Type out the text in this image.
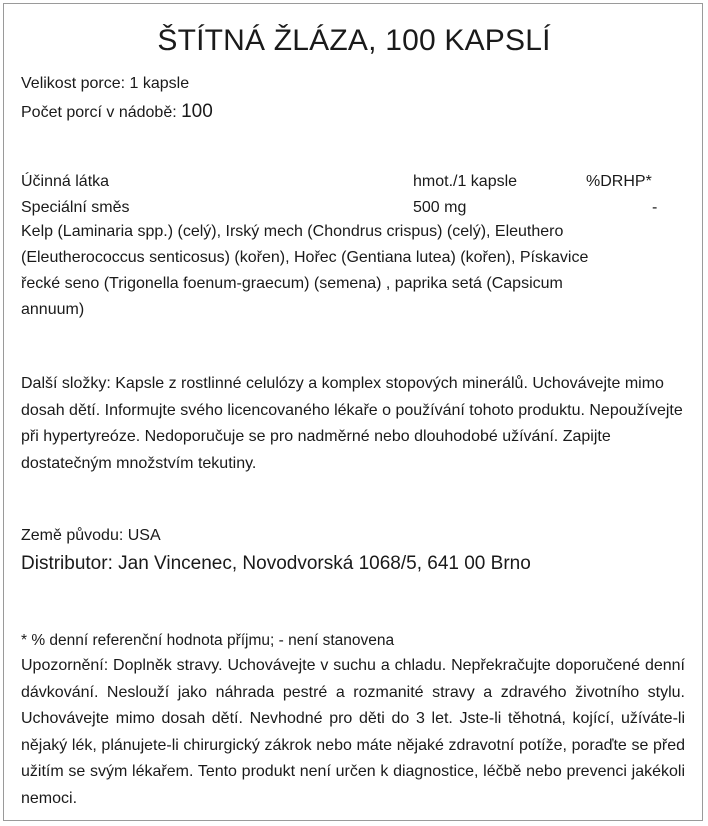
ŠTÍTNÁ ŽLÁZA, 100 KAPSLÍ
Velikost porce: 1 kapsle
Počet porcí v nádobě: 100
Účinná látka	hmot./1 kapsle	%DRHP*
Speciální směs	500 mg	-
Kelp (Laminaria spp.) (celý), Irský mech (Chondrus crispus) (celý), Eleuthero
(Eleutherococcus senticosus) (kořen), Hořec (Gentiana lutea) (kořen), Pískavice
řecké seno (Trigonella foenum-graecum) (semena) , paprika setá (Capsicum
annuum)
Další složky: Kapsle z rostlinné celulózy a komplex stopových minerálů. Uchovávejte mimo dosah dětí. Informujte svého licencovaného lékaře o používání tohoto produktu. Nepoužívejte při hypertyreóze. Nedoporučuje se pro nadměrné nebo dlouhodobé užívání. Zapijte dostatečným množstvím tekutiny.
Země původu: USA
Distributor: Jan Vincenec, Novodvorská 1068/5, 641 00 Brno
* % denní referenční hodnota příjmu; - není stanovena
Upozornění: Doplněk stravy. Uchovávejte v suchu a chladu. Nepřekračujte doporučené denní dávkování. Neslouží jako náhrada pestré a rozmanité stravy a zdravého životního stylu. Uchovávejte mimo dosah dětí. Nevhodné pro děti do 3 let. Jste-li těhotná, kojící, užíváte-li nějaký lék, plánujete-li chirurgický zákrok nebo máte nějaké zdravotní potíže, poraďte se před užitím se svým lékařem. Tento produkt není určen k diagnostice, léčbě nebo prevenci jakékoli nemoci.
